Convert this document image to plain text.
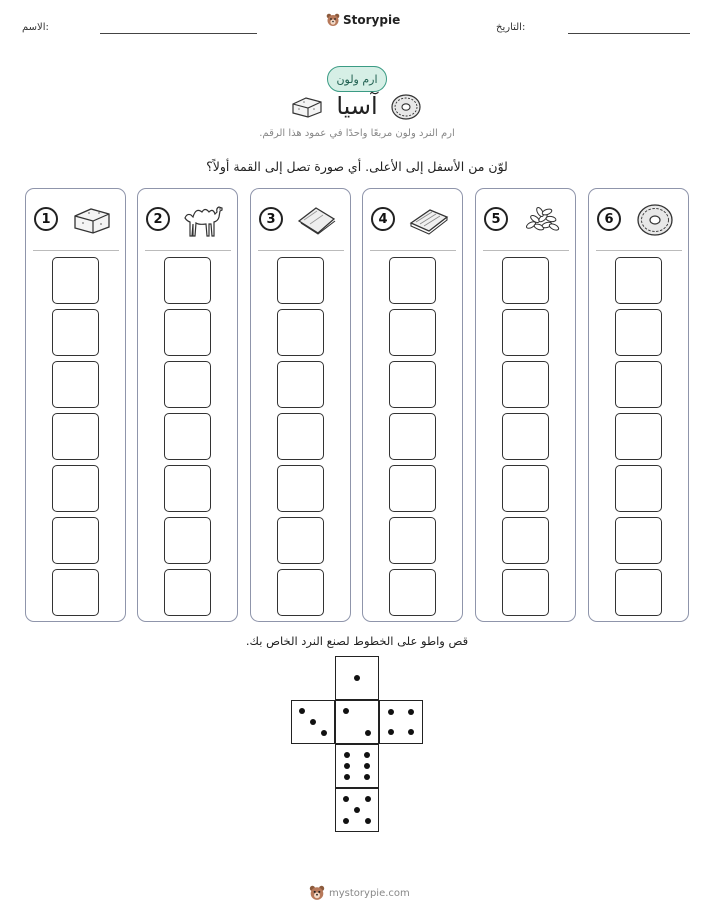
الاسم:
Storypie
التاريخ:
ارم ولون
آسيا
ارم النرد ولون مربعًا واحدًا في عمود هذا الرقم.
لوّن من الأسفل إلى الأعلى. أي صورة تصل إلى القمة أولاً؟
1	2	3	4	5	6
قص واطو على الخطوط لصنع النرد الخاص بك.
mystorypie.com
